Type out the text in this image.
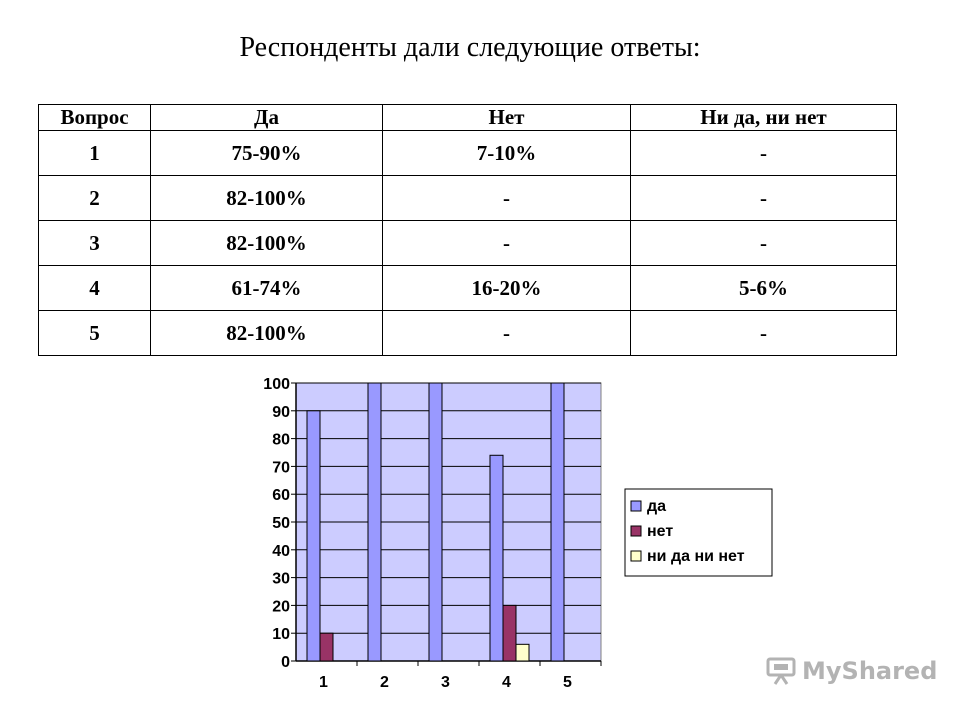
Респонденты дали следующие ответы:
Вопрос	Да	Нет	Ни да, ни нет
1	75-90%	7-10%	-
2	82-100%	-	-
3	82-100%	-	-
4	61-74%	16-20%	5-6%
5	82-100%	-	-
0
10
20
30
40
50
60
70
80
90
100
1	2	3	4	5
да
нет
ни да ни нет
MyShared
